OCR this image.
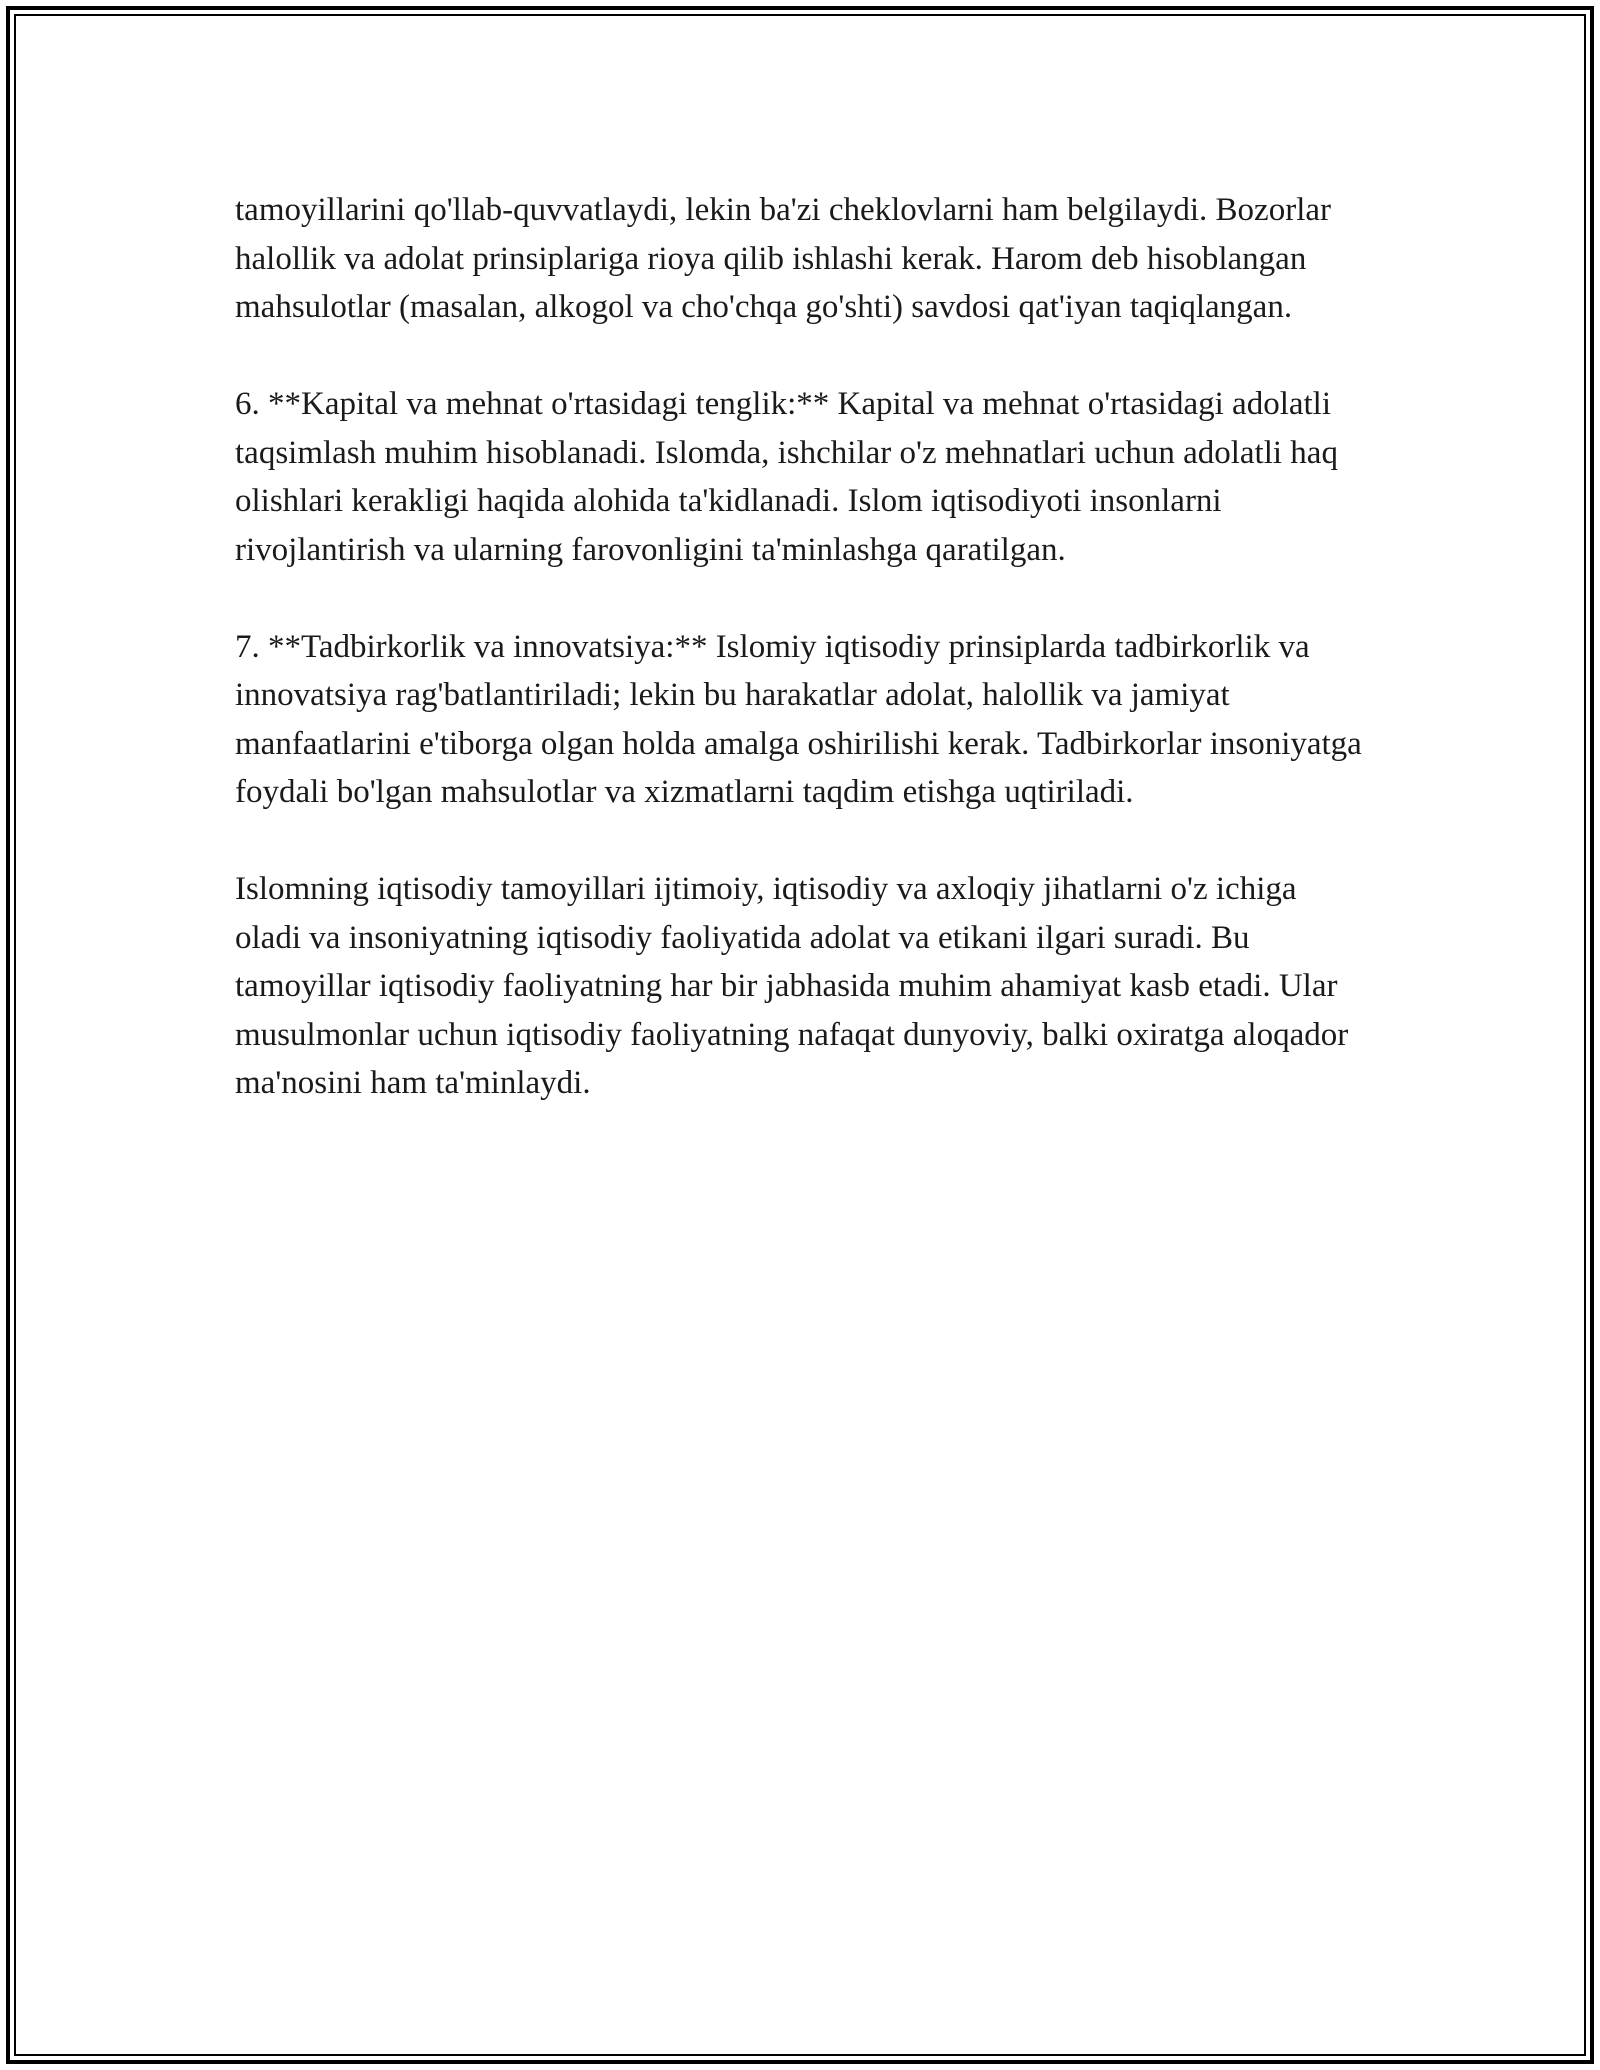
tamoyillarini qo'llab-quvvatlaydi, lekin ba'zi cheklovlarni ham belgilaydi. Bozorlar halollik va adolat prinsiplariga rioya qilib ishlashi kerak. Harom deb hisoblangan mahsulotlar (masalan, alkogol va cho'chqa go'shti) savdosi qat'iyan taqiqlangan.

6. **Kapital va mehnat o'rtasidagi tenglik:** Kapital va mehnat o'rtasidagi adolatli taqsimlash muhim hisoblanadi. Islomda, ishchilar o'z mehnatlari uchun adolatli haq olishlari kerakligi haqida alohida ta'kidlanadi. Islom iqtisodiyoti insonlarni rivojlantirish va ularning farovonligini ta'minlashga qaratilgan.

7. **Tadbirkorlik va innovatsiya:** Islomiy iqtisodiy prinsiplarda tadbirkorlik va innovatsiya rag'batlantiriladi; lekin bu harakatlar adolat, halollik va jamiyat manfaatlarini e'tiborga olgan holda amalga oshirilishi kerak. Tadbirkorlar insoniyatga foydali bo'lgan mahsulotlar va xizmatlarni taqdim etishga uqtiriladi.

Islomning iqtisodiy tamoyillari ijtimoiy, iqtisodiy va axloqiy jihatlarni o'z ichiga oladi va insoniyatning iqtisodiy faoliyatida adolat va etikani ilgari suradi. Bu tamoyillar iqtisodiy faoliyatning har bir jabhasida muhim ahamiyat kasb etadi. Ular musulmonlar uchun iqtisodiy faoliyatning nafaqat dunyoviy, balki oxiratga aloqador ma'nosini ham ta'minlaydi.
